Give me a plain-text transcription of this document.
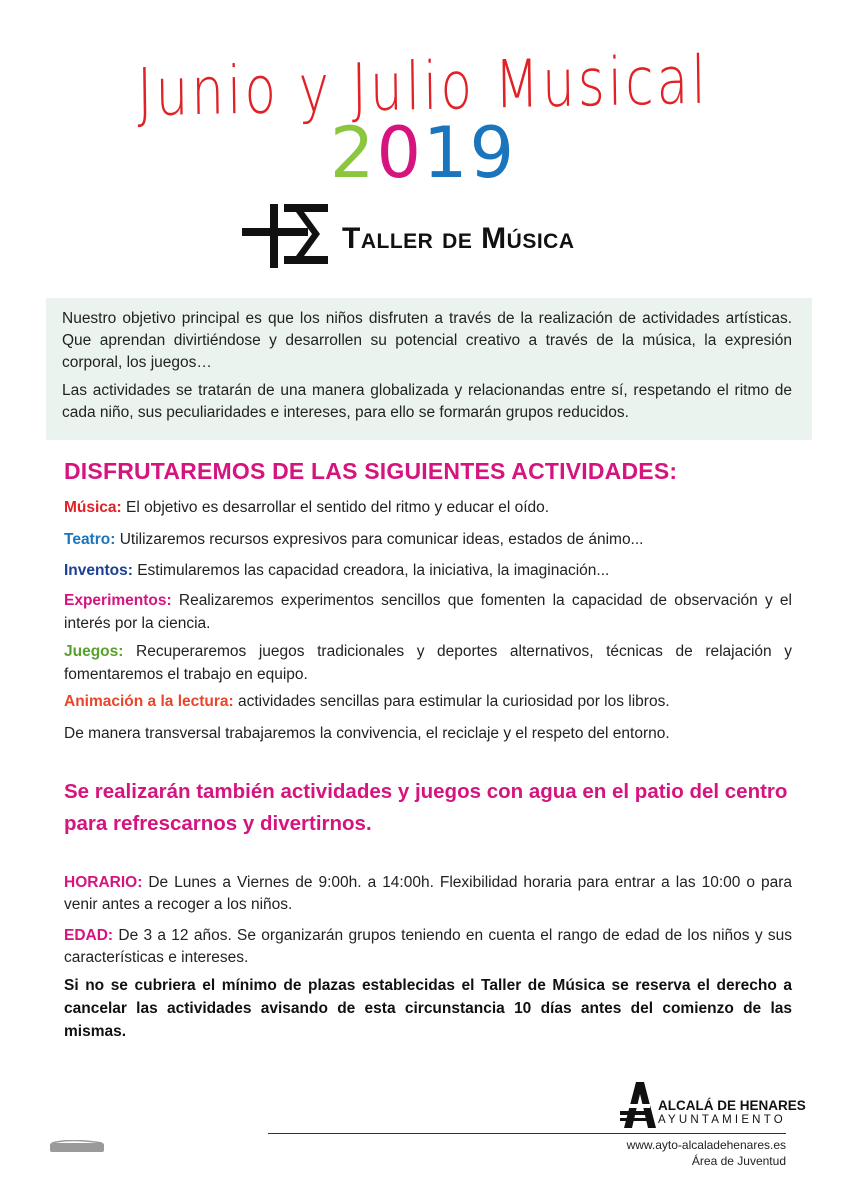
Junio y Julio Musical
2019
Taller de Música

Nuestro objetivo principal es que los niños disfruten a través de la realización de actividades artísticas. Que aprendan divirtiéndose y desarrollen su potencial creativo a través de la música, la expresión corporal, los juegos…

Las actividades se tratarán de una manera globalizada y relacionandas entre sí, respetando el ritmo de cada niño, sus peculiaridades e intereses, para ello se formarán grupos reducidos.

DISFRUTAREMOS DE LAS SIGUIENTES ACTIVIDADES:
Música: El objetivo es desarrollar el sentido del ritmo y educar el oído.
Teatro: Utilizaremos recursos expresivos para comunicar ideas, estados de ánimo...
Inventos: Estimularemos las capacidad creadora, la iniciativa, la imaginación...
Experimentos: Realizaremos experimentos sencillos que fomenten la capacidad de observación y el interés por la ciencia.
Juegos: Recuperaremos juegos tradicionales y deportes alternativos, técnicas de relajación y fomentaremos el trabajo en equipo.
Animación a la lectura: actividades sencillas para estimular la curiosidad por los libros.
De manera transversal trabajaremos la convivencia, el reciclaje y el respeto del entorno.
Se realizarán también actividades y juegos con agua en el patio del centro para refrescarnos y divertirnos.
HORARIO: De Lunes a Viernes de 9:00h. a 14:00h. Flexibilidad horaria para entrar a las 10:00 o para venir antes a recoger a los niños.
EDAD: De 3 a 12 años. Se organizarán grupos teniendo en cuenta el rango de edad de los niños y sus características e intereses.
Si no se cubriera el mínimo de plazas establecidas el Taller de Música se reserva el derecho a cancelar las actividades avisando de esta circunstancia 10 días antes del comienzo de las mismas.
ALCALÁ DE HENARES
AYUNTAMIENTO
www.ayto-alcaladehenares.es
Área de Juventud
